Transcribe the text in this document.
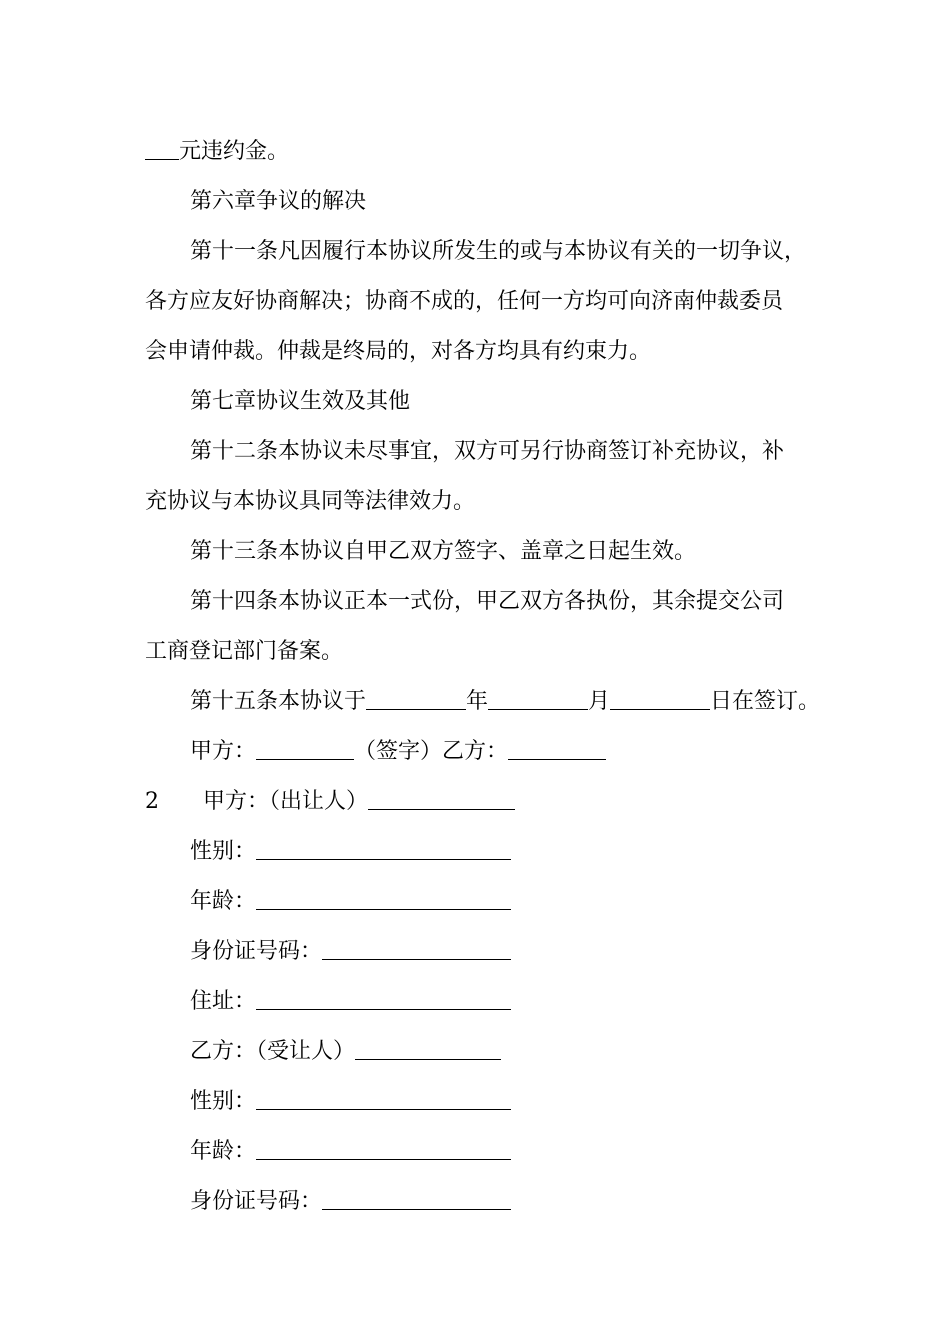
元违约金。
第六章争议的解决
第十一条凡因履行本协议所发生的或与本协议有关的一切争议，
各方应友好协商解决；协商不成的，任何一方均可向济南仲裁委员
会申请仲裁。仲裁是终局的，对各方均具有约束力。
第七章协议生效及其他
第十二条本协议未尽事宜，双方可另行协商签订补充协议，补
充协议与本协议具同等法律效力。
第十三条本协议自甲乙双方签字、盖章之日起生效。
第十四条本协议正本一式份，甲乙双方各执份，其余提交公司
工商登记部门备案。
第十五条本协议于	年	月	日在签订。
甲方：	（签字）乙方：
2 甲方：（出让人）
性别：
年龄：
身份证号码：
住址：
乙方：（受让人）
性别：
年龄：
身份证号码：
